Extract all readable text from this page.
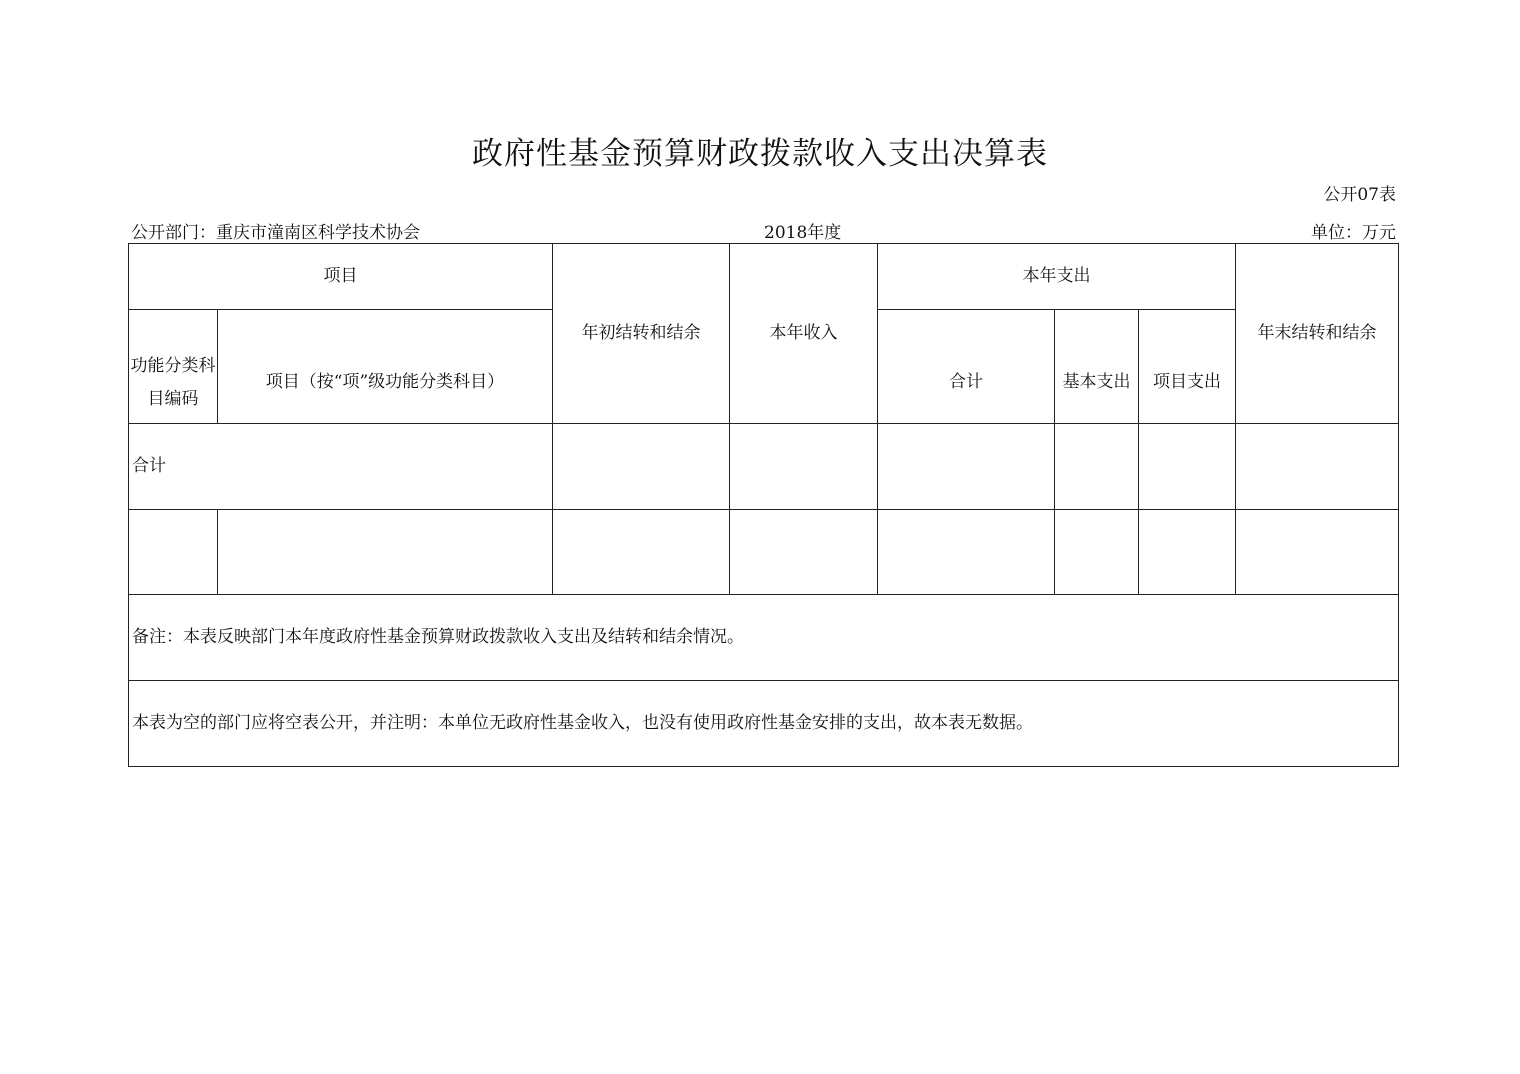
政府性基金预算财政拨款收入支出决算表
公开07表
公开部门：重庆市潼南区科学技术协会	2018年度	单位：万元
项目		年初结转和结余	本年收入	本年支出			年末结转和结余
功能分类科目编码	项目（按“项”级功能分类科目）			合计	基本支出	项目支出	
合计							

备注：本表反映部门本年度政府性基金预算财政拨款收入支出及结转和结余情况。							
本表为空的部门应将空表公开，并注明：本单位无政府性基金收入，也没有使用政府性基金安排的支出，故本表无数据。							
